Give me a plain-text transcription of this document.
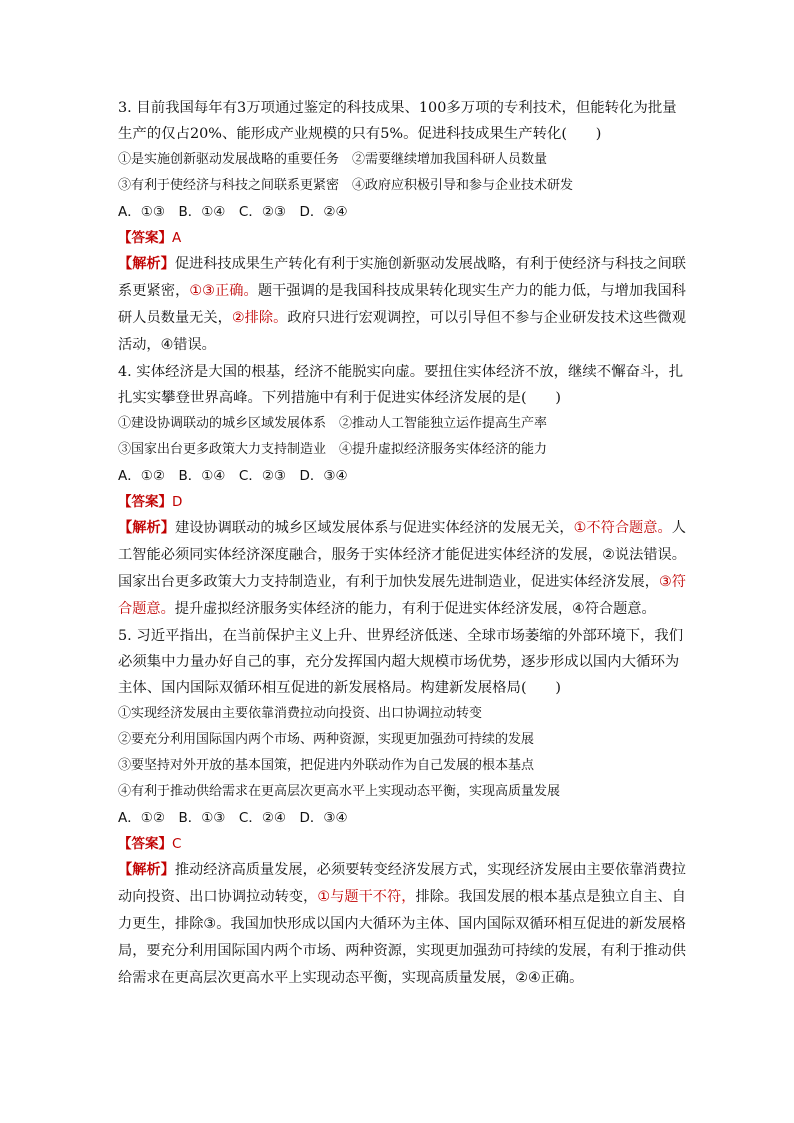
3. 目前我国每年有3万项通过鉴定的科技成果、100多万项的专利技术，但能转化为批量生产的仅占20%、能形成产业规模的只有5%。促进科技成果生产转化(　　)

①是实施创新驱动发展战略的重要任务　②需要继续增加我国科研人员数量

③有利于使经济与科技之间联系更紧密　④政府应积极引导和参与企业技术研发

A．①③　B．①④　C．②③　D．②④

【答案】A

【解析】促进科技成果生产转化有利于实施创新驱动发展战略，有利于使经济与科技之间联系更紧密，①③正确。题干强调的是我国科技成果转化现实生产力的能力低，与增加我国科研人员数量无关，②排除。政府只进行宏观调控，可以引导但不参与企业研发技术这些微观活动，④错误。

4. 实体经济是大国的根基，经济不能脱实向虚。要扭住实体经济不放，继续不懈奋斗，扎扎实实攀登世界高峰。下列措施中有利于促进实体经济发展的是(　　)

①建设协调联动的城乡区域发展体系　②推动人工智能独立运作提高生产率

③国家出台更多政策大力支持制造业　④提升虚拟经济服务实体经济的能力

A．①②　B．①④　C．②③　D．③④

【答案】D

【解析】建设协调联动的城乡区域发展体系与促进实体经济的发展无关，①不符合题意。人工智能必须同实体经济深度融合，服务于实体经济才能促进实体经济的发展，②说法错误。国家出台更多政策大力支持制造业，有利于加快发展先进制造业，促进实体经济发展，③符合题意。提升虚拟经济服务实体经济的能力，有利于促进实体经济发展，④符合题意。

5. 习近平指出，在当前保护主义上升、世界经济低迷、全球市场萎缩的外部环境下，我们必须集中力量办好自己的事，充分发挥国内超大规模市场优势，逐步形成以国内大循环为主体、国内国际双循环相互促进的新发展格局。构建新发展格局(　　)

①实现经济发展由主要依靠消费拉动向投资、出口协调拉动转变

②要充分利用国际国内两个市场、两种资源，实现更加强劲可持续的发展

③要坚持对外开放的基本国策，把促进内外联动作为自己发展的根本基点

④有利于推动供给需求在更高层次更高水平上实现动态平衡，实现高质量发展

A．①②　B．①③　C．②④　D．③④

【答案】C

【解析】推动经济高质量发展，必须要转变经济发展方式，实现经济发展由主要依靠消费拉动向投资、出口协调拉动转变，①与题干不符，排除。我国发展的根本基点是独立自主、自力更生，排除③。我国加快形成以国内大循环为主体、国内国际双循环相互促进的新发展格局，要充分利用国际国内两个市场、两种资源，实现更加强劲可持续的发展，有利于推动供给需求在更高层次更高水平上实现动态平衡，实现高质量发展，②④正确。
